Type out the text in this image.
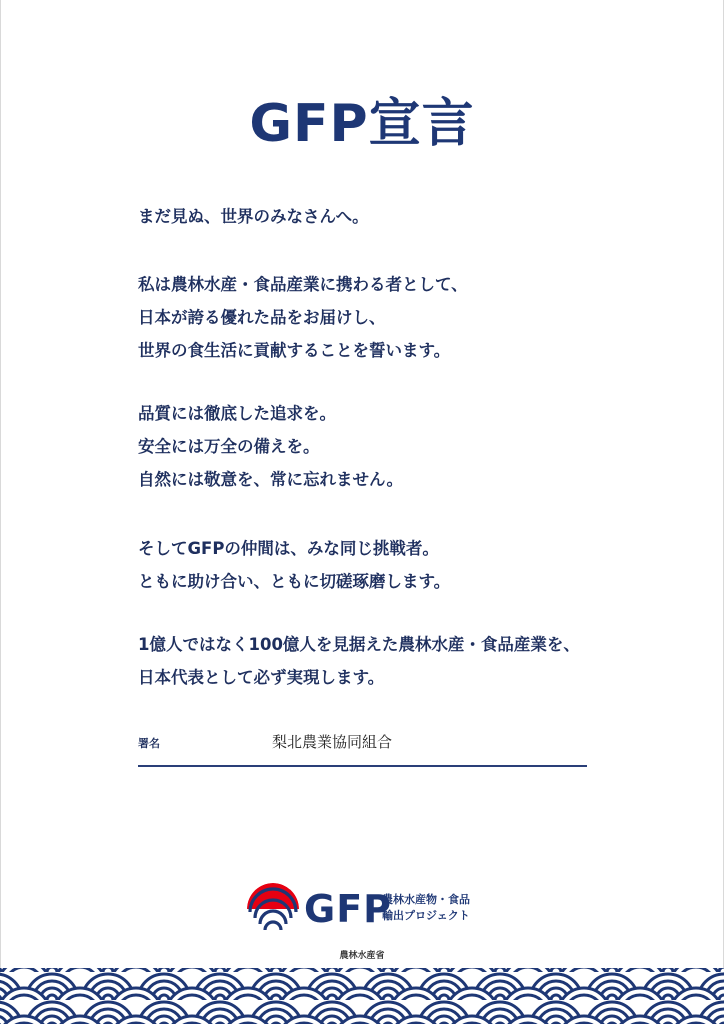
GFP宣言
まだ見ぬ、世界のみなさんへ。
私は農林水産・食品産業に携わる者として、
日本が誇る優れた品をお届けし、
世界の食生活に貢献することを誓います。
品質には徹底した追求を。
安全には万全の備えを。
自然には敬意を、常に忘れません。
そしてGFPの仲間は、みな同じ挑戦者。
ともに助け合い、ともに切磋琢磨します。
1億人ではなく100億人を見据えた農林水産・食品産業を、
日本代表として必ず実現します。
署名	梨北農業協同組合
GFP
農林水産物・食品
輸出プロジェクト
農林水産省
